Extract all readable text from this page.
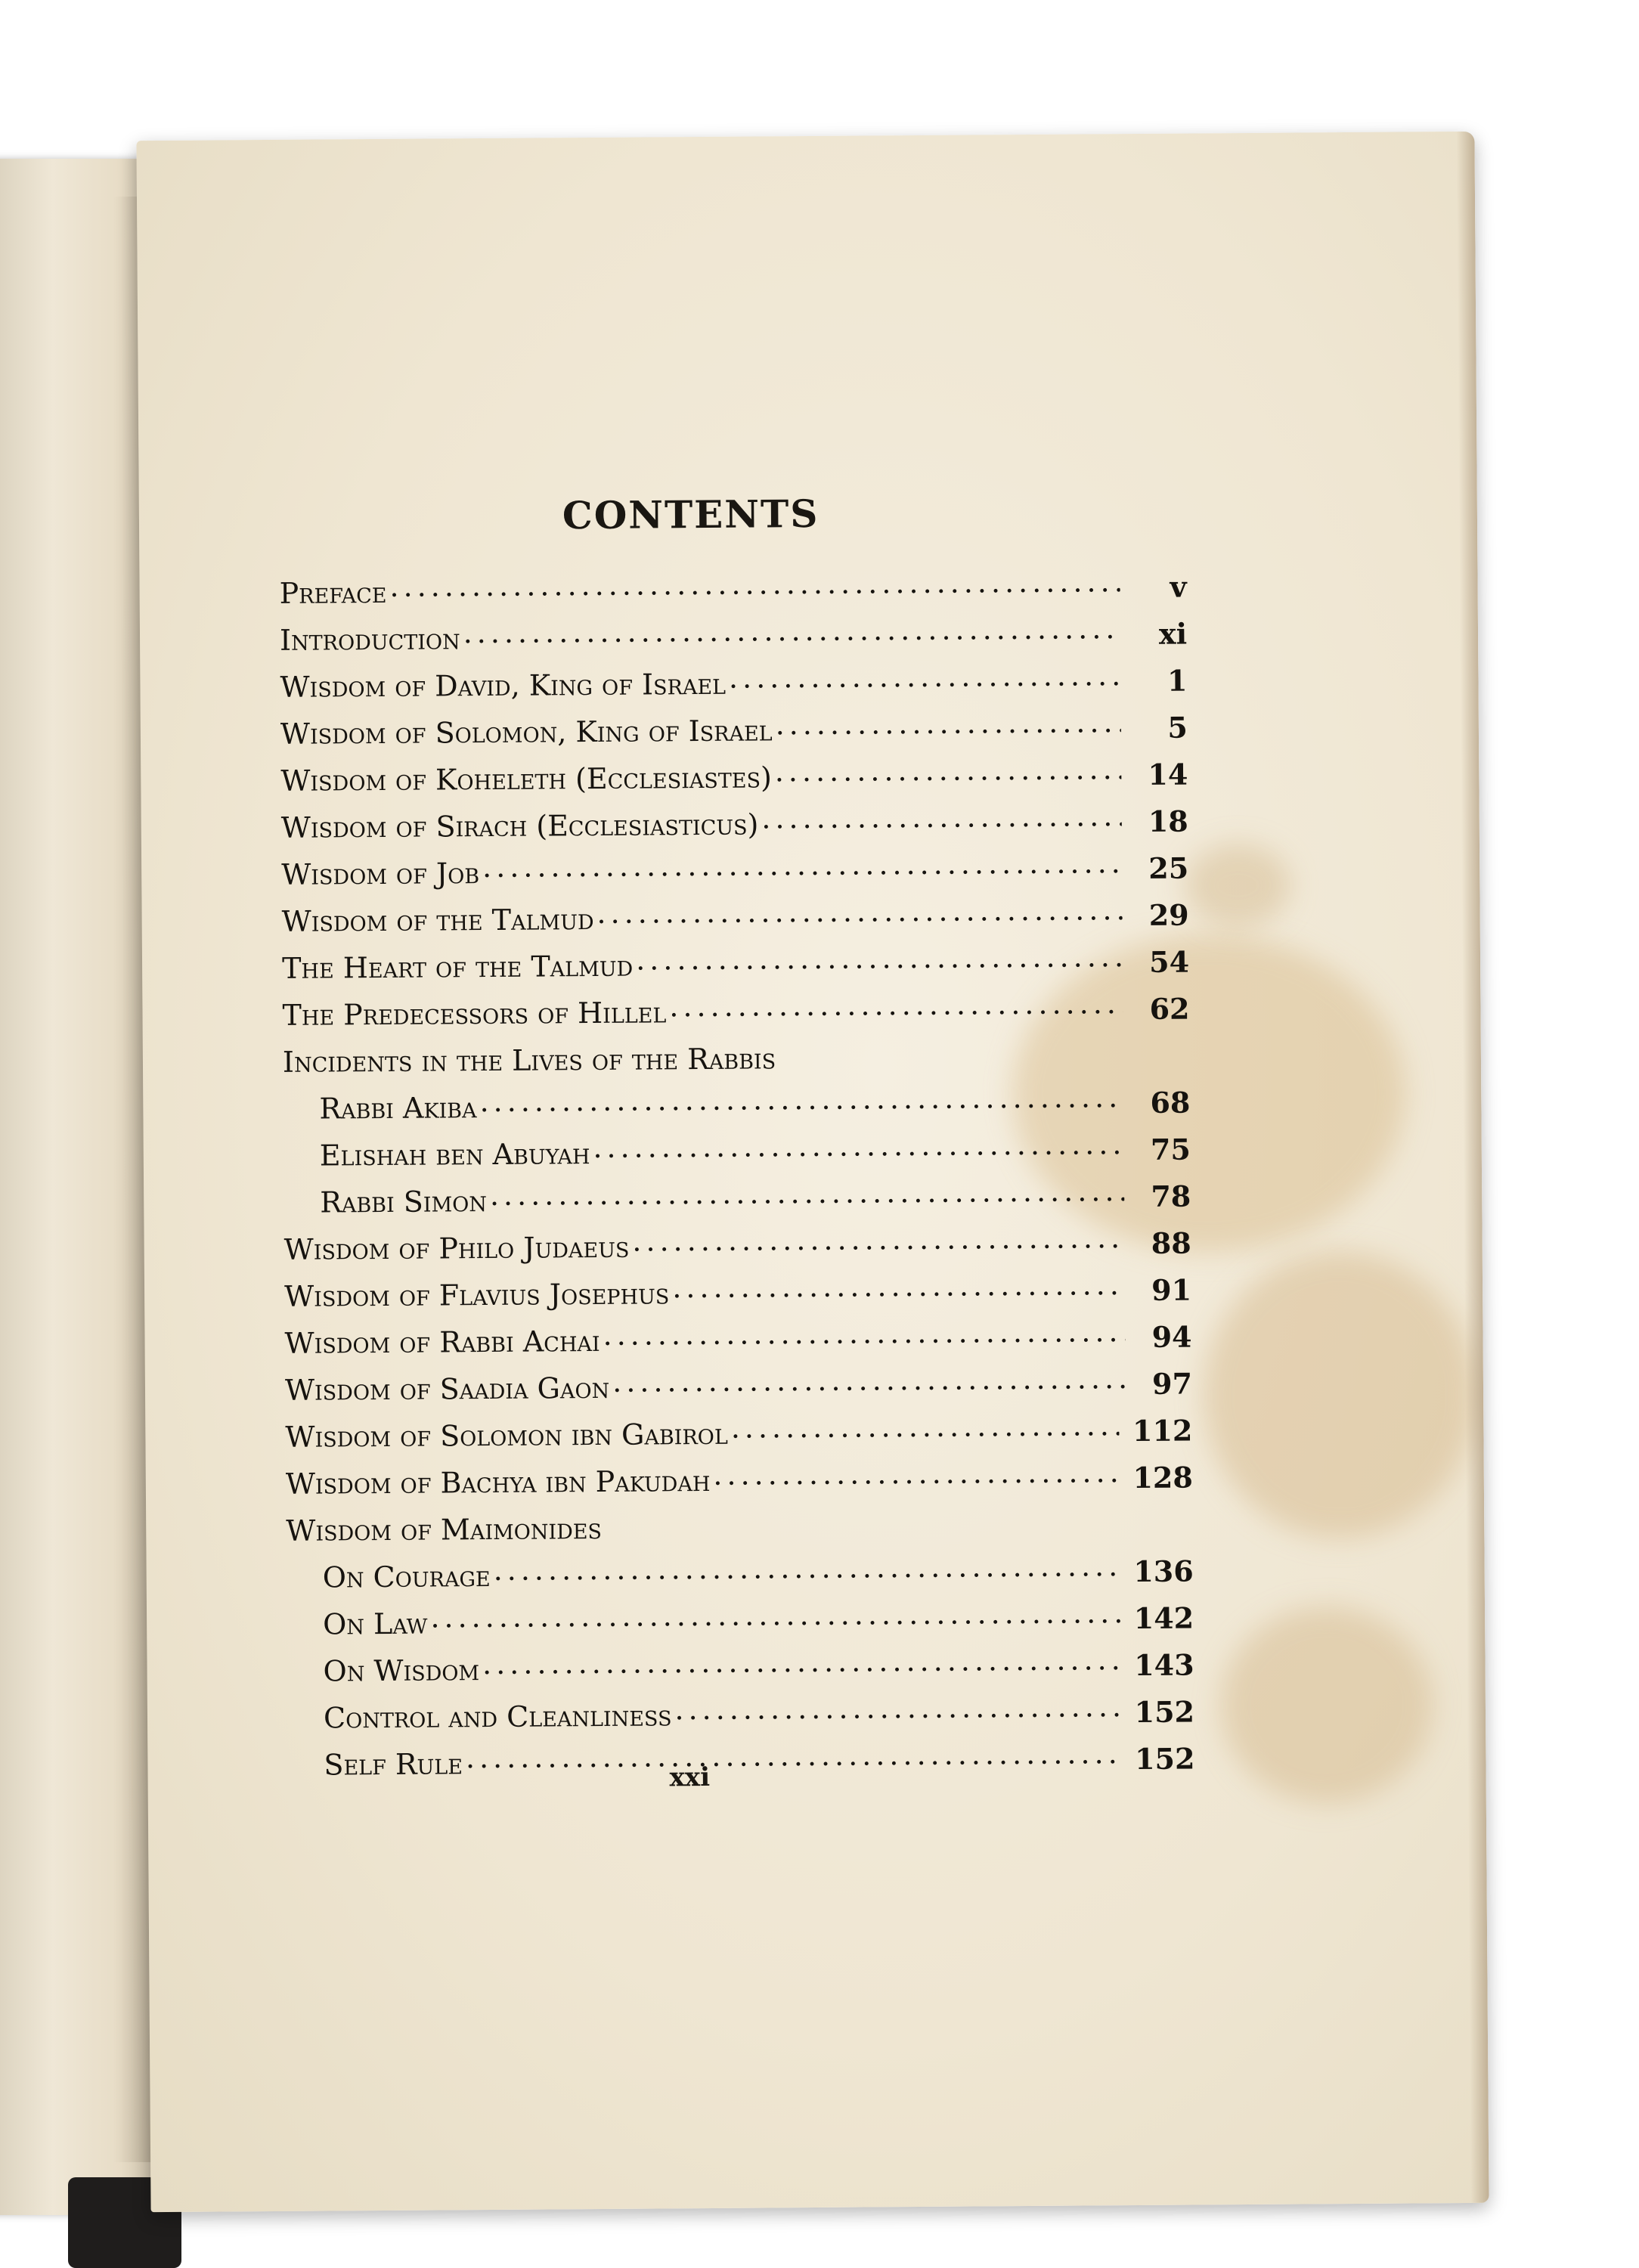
CONTENTS
Preface .....	v
Introduction .....	xi
Wisdom of David, King of Israel .....	1
Wisdom of Solomon, King of Israel .....	5
Wisdom of Koheleth (Ecclesiastes) .....	14
Wisdom of Sirach (Ecclesiasticus) .....	18
Wisdom of Job .....	25
Wisdom of the Talmud .....	29
The Heart of the Talmud .....	54
The Predecessors of Hillel .....	62
Incidents in the Lives of the Rabbis
Rabbi Akiba .....	68
Elishah ben Abuyah .....	75
Rabbi Simon .....	78
Wisdom of Philo Judaeus .....	88
Wisdom of Flavius Josephus .....	91
Wisdom of Rabbi Achai .....	94
Wisdom of Saadia Gaon .....	97
Wisdom of Solomon ibn Gabirol .....	112
Wisdom of Bachya ibn Pakudah .....	128
Wisdom of Maimonides
On Courage .....	136
On Law .....	142
On Wisdom .....	143
Control and Cleanliness .....	152
Self Rule .....	152
xxi
